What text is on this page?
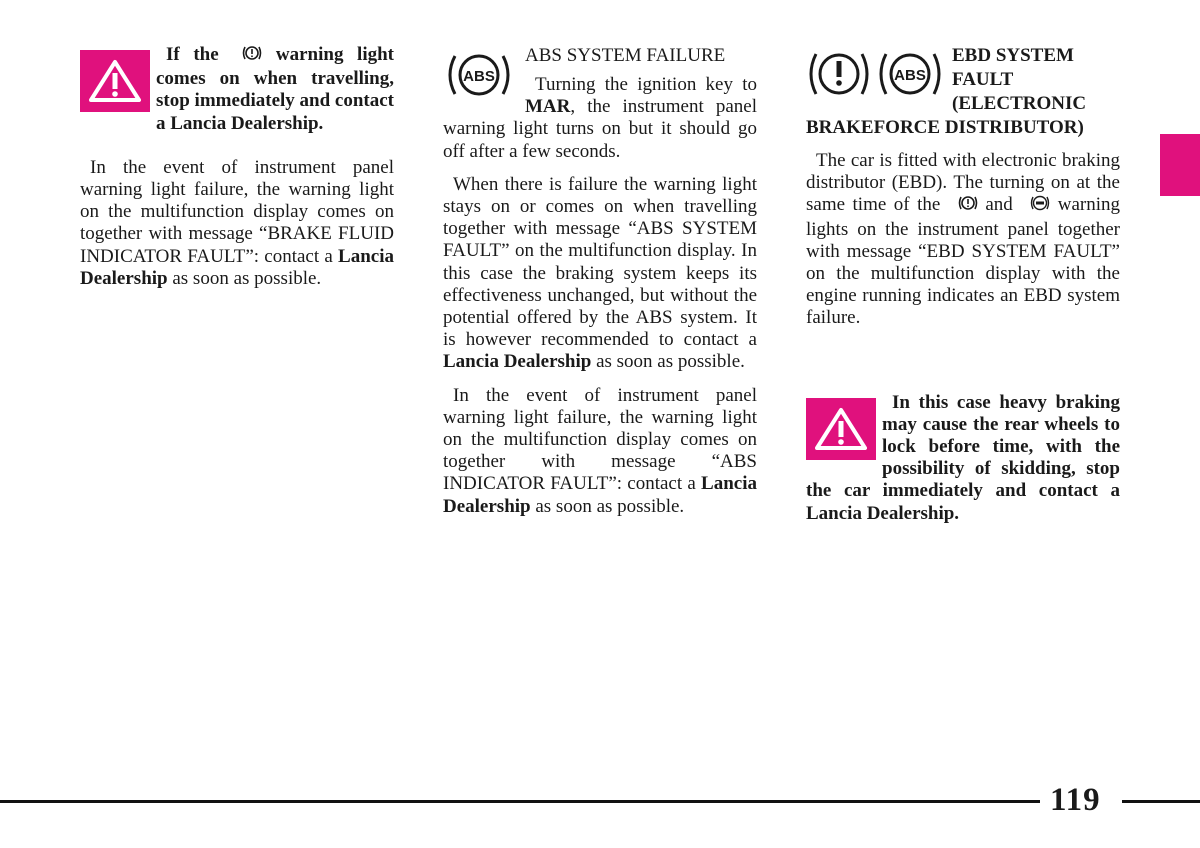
If the	warning light comes on when travelling, stop immediately and contact a Lancia Dealership.

In the event of instrument panel warning light failure, the warning light on the multifunction display comes on together with message “BRAKE FLUID INDICATOR FAULT”: contact a Lancia Dealership as soon as possible.

ABS
ABS SYSTEM FAILURE

Turning the ignition key to MAR, the instrument panel warning light turns on but it should go off after a few seconds.

When there is failure the warning light stays on or comes on when travelling together with message “ABS SYSTEM FAULT” on the multifunction display. In this case the braking system keeps its effectiveness unchanged, but without the potential offered by the ABS system. It is however recommended to contact a Lancia Dealership as soon as possible.

In the event of instrument panel warning light failure, the warning light on the multifunction display comes on together with message “ABS INDICATOR FAULT”: contact a Lancia Dealership as soon as possible.

ABS
EBD SYSTEM FAULT (ELECTRONIC BRAKEFORCE DISTRIBUTOR)

The car is fitted with electronic braking distributor (EBD). The turning on at the same time of the and warning lights on the instrument panel together with message “EBD SYSTEM FAULT” on the multifunction display with the engine running indicates an EBD system failure.

In this case heavy braking may cause the rear wheels to lock before time, with the possibility of skidding, stop the car immediately and contact a Lancia Dealership.

119
